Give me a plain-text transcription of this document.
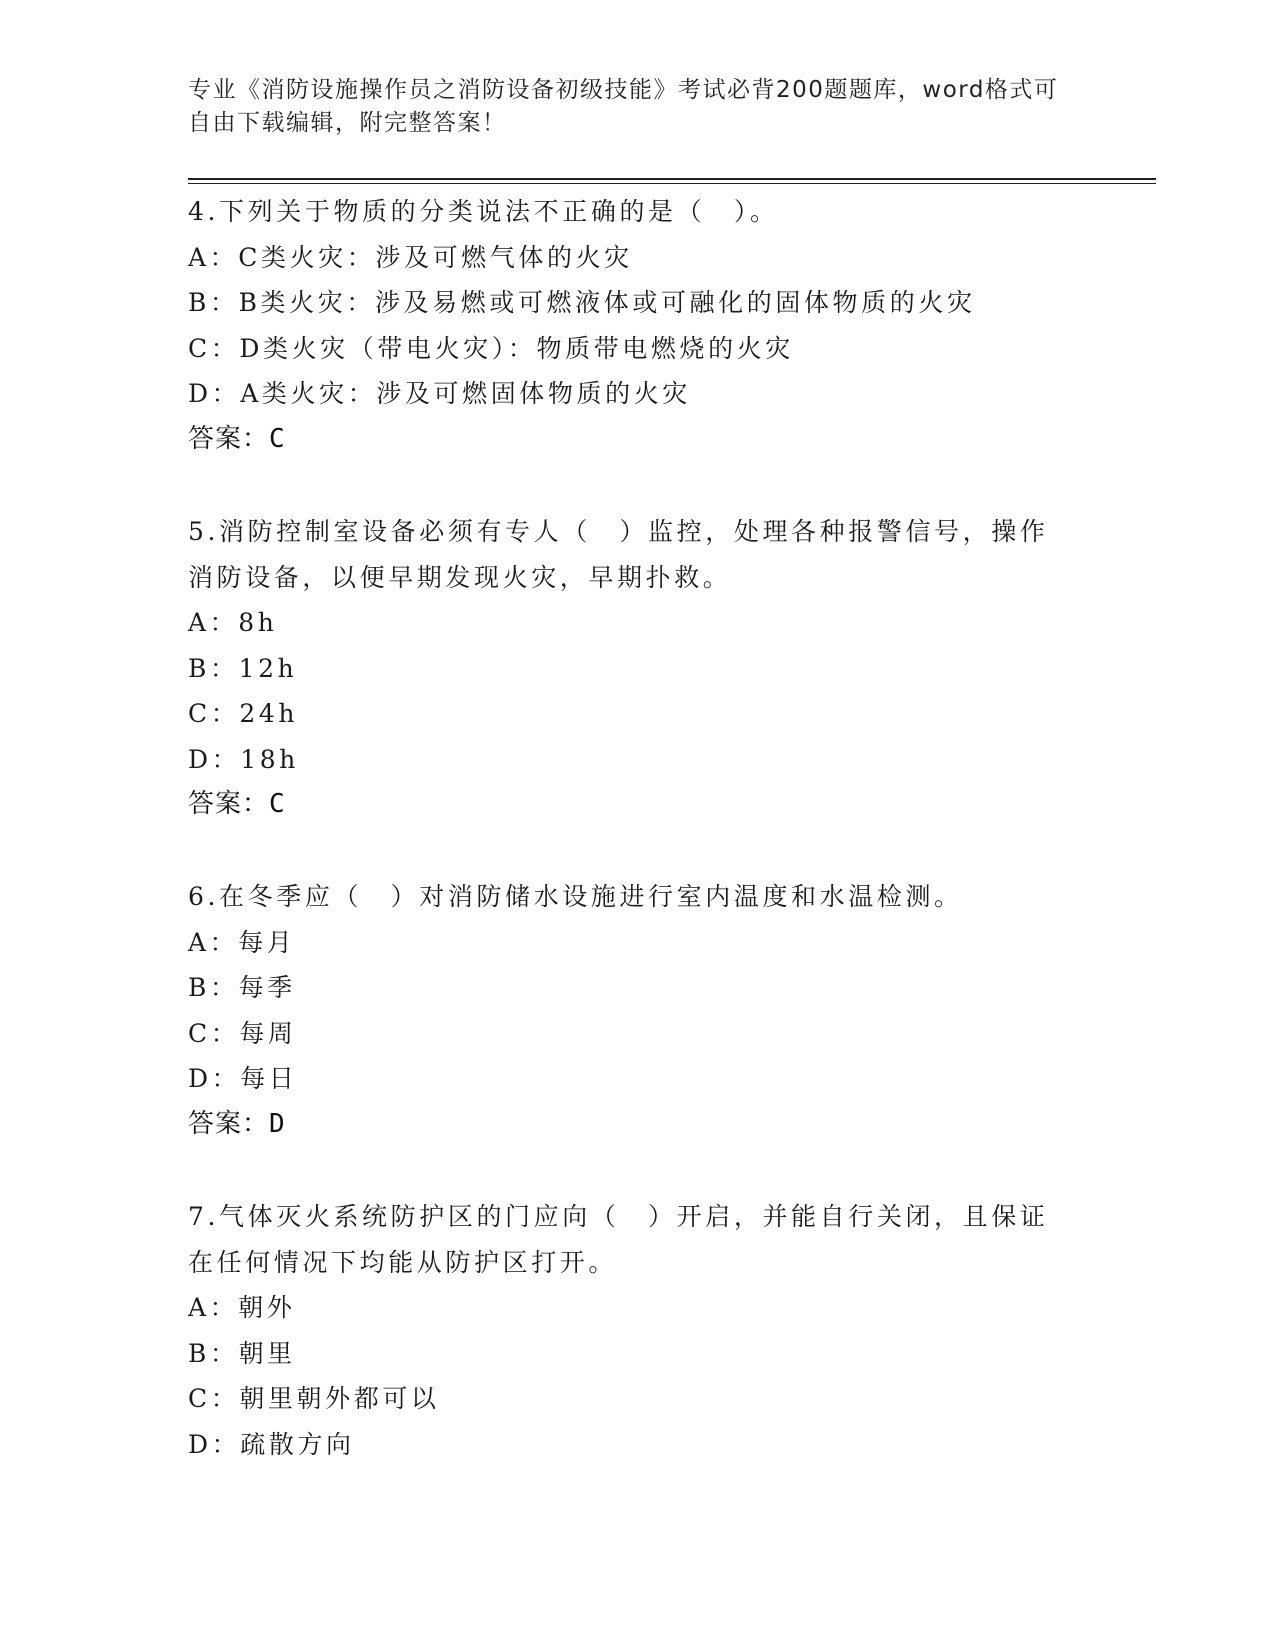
专业《消防设施操作员之消防设备初级技能》考试必背200题题库，word格式可
自由下载编辑，附完整答案！

4.下列关于物质的分类说法不正确的是（　）。

A：C类火灾：涉及可燃气体的火灾

B：B类火灾：涉及易燃或可燃液体或可融化的固体物质的火灾

C：D类火灾（带电火灾）：物质带电燃烧的火灾

D：A类火灾：涉及可燃固体物质的火灾

答案：C

5.消防控制室设备必须有专人（　）监控，处理各种报警信号，操作消防设备，以便早期发现火灾，早期扑救。

A：8h

B：12h

C：24h

D：18h

答案：C

6.在冬季应（　）对消防储水设施进行室内温度和水温检测。

A：每月

B：每季

C：每周

D：每日

答案：D

7.气体灭火系统防护区的门应向（　）开启，并能自行关闭，且保证在任何情况下均能从防护区打开。

A：朝外

B：朝里

C：朝里朝外都可以

D：疏散方向
